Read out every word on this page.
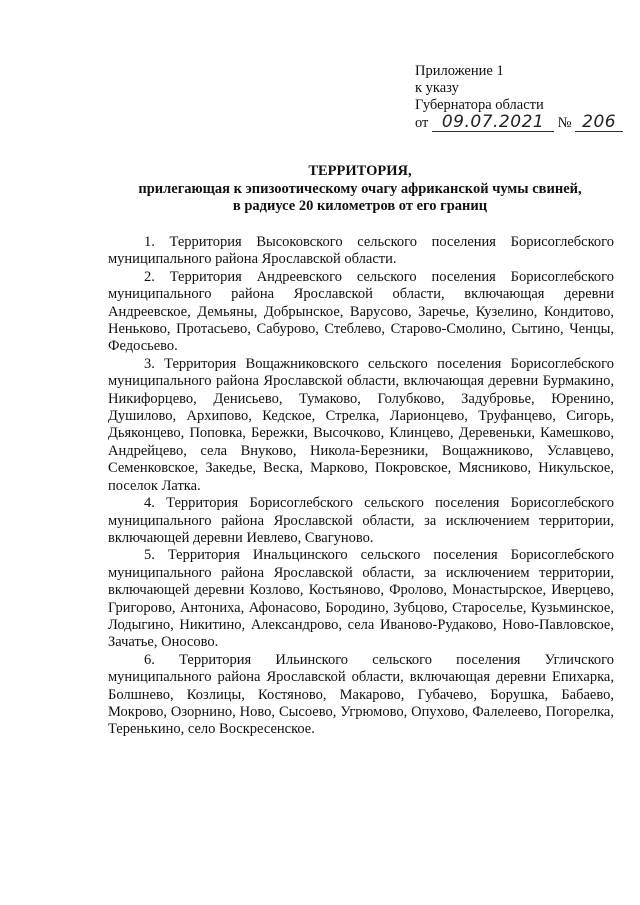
Приложение 1
к указу
Губернатора области
от 09.07.2021 № 206
ТЕРРИТОРИЯ,
прилегающая к эпизоотическому очагу африканской чумы свиней,
в радиусе 20 километров от его границ

1. Территория Высоковского сельского поселения Борисоглебского муниципального района Ярославской области.

2. Территория Андреевского сельского поселения Борисоглебского муниципального района Ярославской области, включающая деревни Андреевское, Демьяны, Добрынское, Варусово, Заречье, Кузелино, Кондитово, Неньково, Протасьево, Сабурово, Стеблево, Старово-Смолино, Сытино, Ченцы, Федосьево.

3. Территория Вощажниковского сельского поселения Борисоглебского муниципального района Ярославской области, включающая деревни Бурмакино, Никифорцево, Денисьево, Тумаково, Голубково, Задубровье, Юренино, Душилово, Архипово, Кедское, Стрелка, Ларионцево, Труфанцево, Сигорь, Дьяконцево, Поповка, Бережки, Высочково, Клинцево, Деревеньки, Камешково, Андрейцево, села Внуково, Никола-Березники, Вощажниково, Уславцево, Семенковское, Закедье, Веска, Марково, Покровское, Мясниково, Никульское, поселок Латка.

4. Территория Борисоглебского сельского поселения Борисоглебского муниципального района Ярославской области, за исключением территории, включающей деревни Иевлево, Свагуново.

5. Территория Инальцинского сельского поселения Борисоглебского муниципального района Ярославской области, за исключением территории, включающей деревни Козлово, Костьяново, Фролово, Монастырское, Иверцево, Григорово, Антониха, Афонасово, Бородино, Зубцово, Староселье, Кузьминское, Лодыгино, Никитино, Александрово, села Иваново-Рудаково, Ново-Павловское, Зачатье, Оносово.

6. Территория Ильинского сельского поселения Угличского муниципального района Ярославской области, включающая деревни Епихарка, Болшнево, Козлицы, Костяново, Макарово, Губачево, Борушка, Бабаево, Мокрово, Озорнино, Ново, Сысоево, Угрюмово, Опухово, Фалелеево, Погорелка, Теренькино, село Воскресенское.
